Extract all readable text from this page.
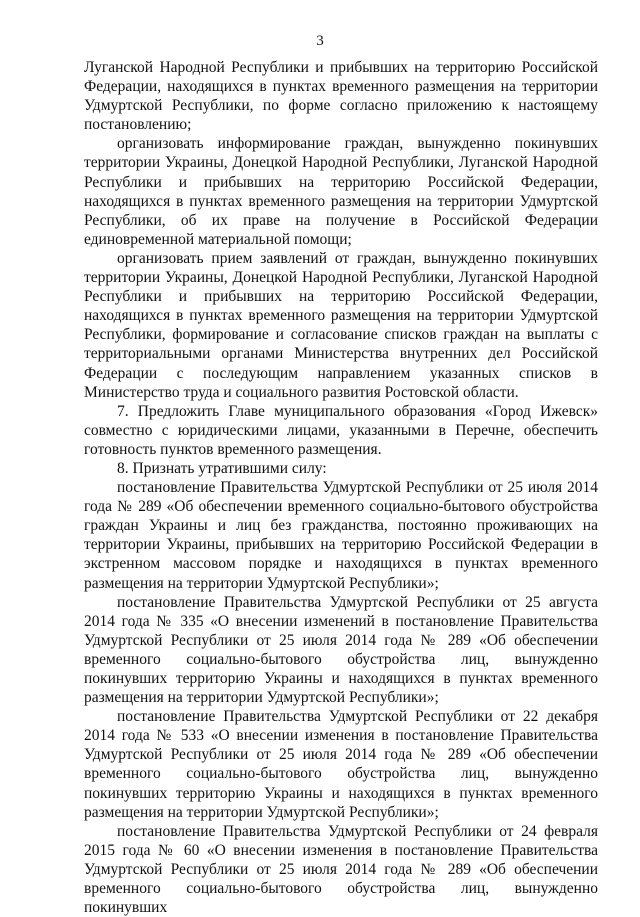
3

Луганской Народной Республики и прибывших на территорию Российской Федерации, находящихся в пунктах временного размещения на территории Удмуртской Республики, по форме согласно приложению к настоящему постановлению;

организовать информирование граждан, вынужденно покинувших территории Украины, Донецкой Народной Республики, Луганской Народной Республики и прибывших на территорию Российской Федерации, находящихся в пунктах временного размещения на территории Удмуртской Республики, об их праве на получение в Российской Федерации единовременной материальной помощи;

организовать прием заявлений от граждан, вынужденно покинувших территории Украины, Донецкой Народной Республики, Луганской Народной Республики и прибывших на территорию Российской Федерации, находящихся в пунктах временного размещения на территории Удмуртской Республики, формирование и согласование списков граждан на выплаты с территориальными органами Министерства внутренних дел Российской Федерации с последующим направлением указанных списков в Министерство труда и социального развития Ростовской области.

7. Предложить Главе муниципального образования «Город Ижевск» совместно с юридическими лицами, указанными в Перечне, обеспечить готовность пунктов временного размещения.

8. Признать утратившими силу:

постановление Правительства Удмуртской Республики от 25 июля 2014 года № 289 «Об обеспечении временного социально-бытового обустройства граждан Украины и лиц без гражданства, постоянно проживающих на территории Украины, прибывших на территорию Российской Федерации в экстренном массовом порядке и находящихся в пунктах временного размещения на территории Удмуртской Республики»;

постановление Правительства Удмуртской Республики от 25 августа 2014 года № 335 «О внесении изменений в постановление Правительства Удмуртской Республики от 25 июля 2014 года № 289 «Об обеспечении временного социально-бытового обустройства лиц, вынужденно покинувших территорию Украины и находящихся в пунктах временного размещения на территории Удмуртской Республики»;

постановление Правительства Удмуртской Республики от 22 декабря 2014 года № 533 «О внесении изменения в постановление Правительства Удмуртской Республики от 25 июля 2014 года № 289 «Об обеспечении временного социально-бытового обустройства лиц, вынужденно покинувших территорию Украины и находящихся в пунктах временного размещения на территории Удмуртской Республики»;

постановление Правительства Удмуртской Республики от 24 февраля 2015 года № 60 «О внесении изменения в постановление Правительства Удмуртской Республики от 25 июля 2014 года № 289 «Об обеспечении временного социально-бытового обустройства лиц, вынужденно покинувших
